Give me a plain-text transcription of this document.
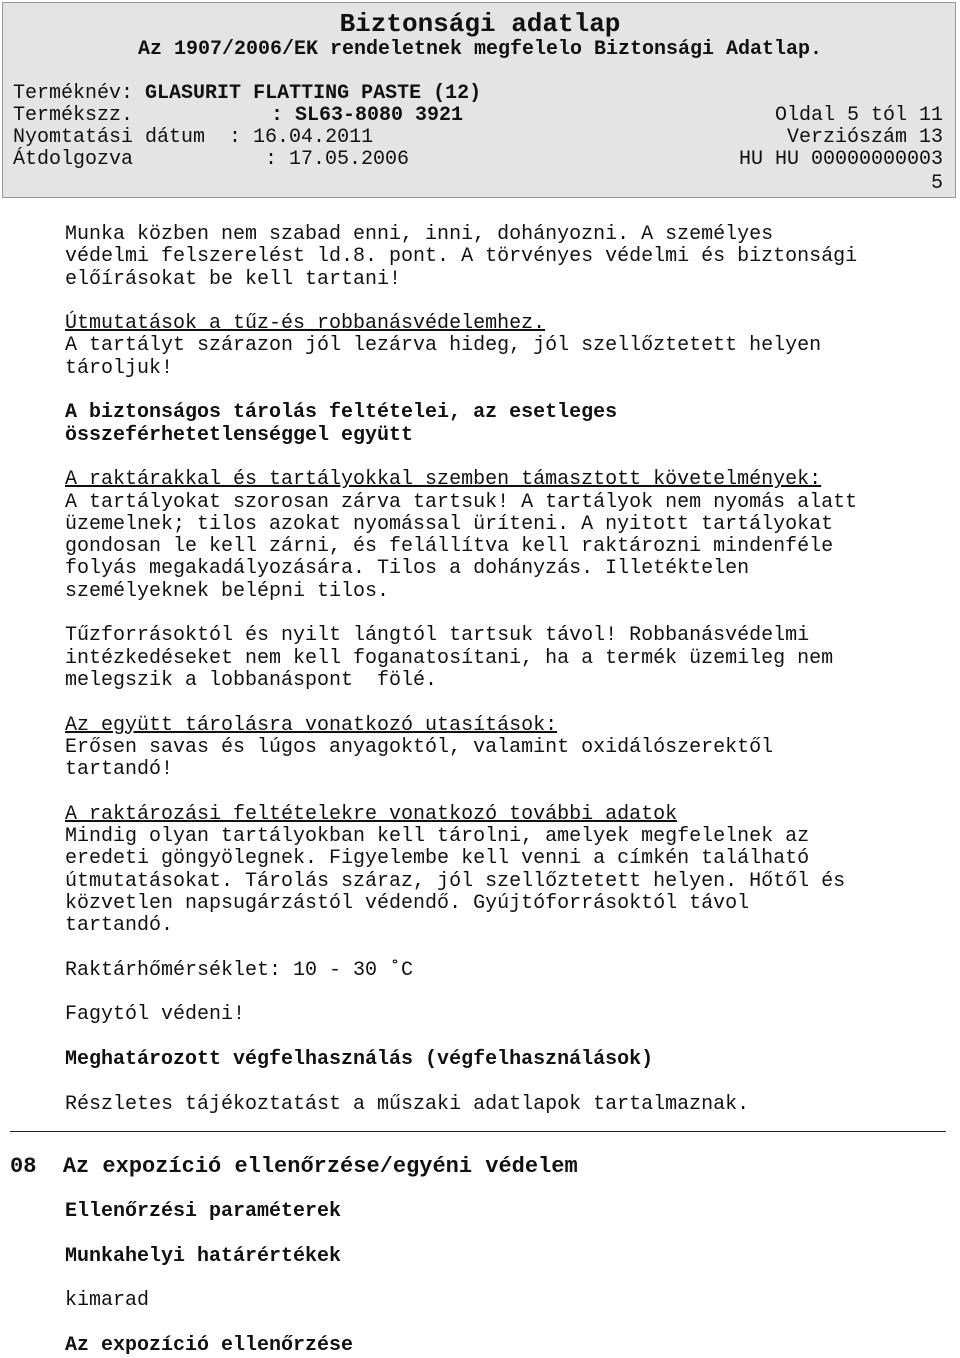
Biztonsági adatlap
Az 1907/2006/EK rendeletnek megfelelo Biztonsági Adatlap.
Terméknév: GLASURIT FLATTING PASTE (12)
Termékszz.	: SL63-8080 3921	Oldal 5 tól 11
Nyomtatási dátum : 16.04.2011	Verziószám 13
Átdolgozva	: 17.05.2006	HU HU 00000000003
5

Munka közben nem szabad enni, inni, dohányozni. A személyes
védelmi felszerelést ld.8. pont. A törvényes védelmi és biztonsági
előírásokat be kell tartani!

Útmutatások a tűz-és robbanásvédelemhez.

A tartályt szárazon jól lezárva hideg, jól szellőztetett helyen
tároljuk!

A biztonságos tárolás feltételei, az esetleges
összeférhetetlenséggel együtt

A raktárakkal és tartályokkal szemben támasztott követelmények:

A tartályokat szorosan zárva tartsuk! A tartályok nem nyomás alatt
üzemelnek; tilos azokat nyomással üríteni. A nyitott tartályokat
gondosan le kell zárni, és felállítva kell raktározni mindenféle
folyás megakadályozására. Tilos a dohányzás. Illetéktelen
személyeknek belépni tilos.

Tűzforrásoktól és nyilt lángtól tartsuk távol! Robbanásvédelmi
intézkedéseket nem kell foganatosítani, ha a termék üzemileg nem
melegszik a lobbanáspont  fölé.

Az együtt tárolásra vonatkozó utasítások:

Erősen savas és lúgos anyagoktól, valamint oxidálószerektől
tartandó!

A raktározási feltételekre vonatkozó további adatok

Mindig olyan tartályokban kell tárolni, amelyek megfelelnek az
eredeti göngyölegnek. Figyelembe kell venni a címkén található
útmutatásokat. Tárolás száraz, jól szellőztetett helyen. Hőtől és
közvetlen napsugárzástól védendő. Gyújtóforrásoktól távol
tartandó.

Raktárhőmérséklet: 10 - 30 ˚C

Fagytól védeni!

Meghatározott végfelhasználás (végfelhasználások)

Részletes tájékoztatást a műszaki adatlapok tartalmaznak.

08 Az expozíció ellenőrzése/egyéni védelem

Ellenőrzési paraméterek

Munkahelyi határértékek

kimarad

Az expozíció ellenőrzése
